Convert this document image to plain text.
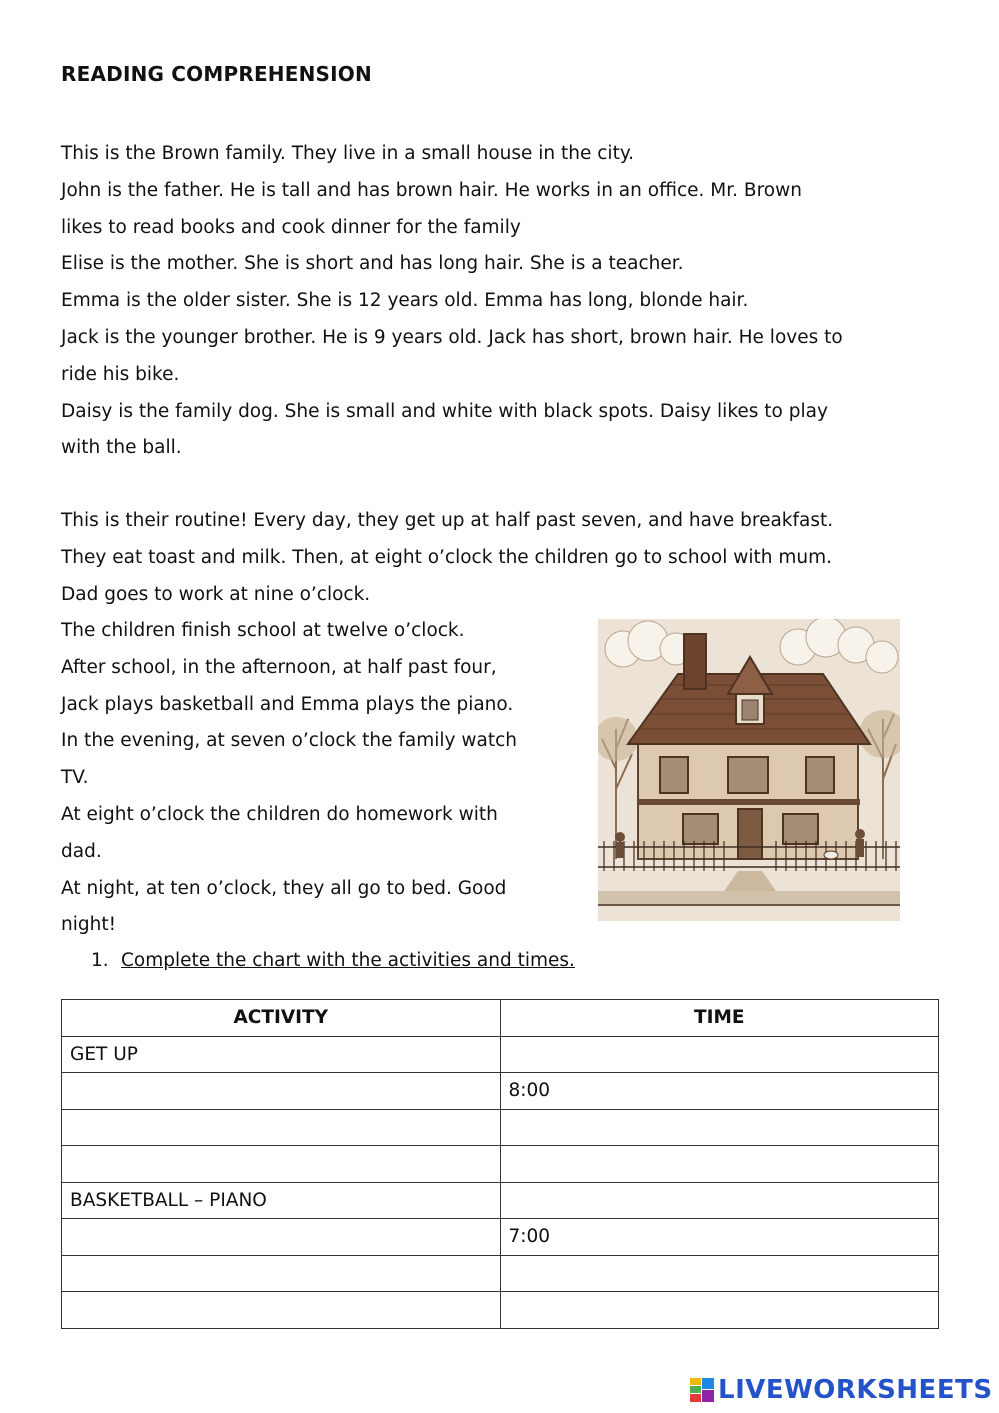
READING COMPREHENSION
This is the Brown family. They live in a small house in the city.
John is the father. He is tall and has brown hair. He works in an office. Mr. Brown
likes to read books and cook dinner for the family
Elise is the mother. She is short and has long hair. She is a teacher.
Emma is the older sister. She is 12 years old. Emma has long, blonde hair.
Jack is the younger brother. He is 9 years old. Jack has short, brown hair. He loves to
ride his bike.
Daisy is the family dog. She is small and white with black spots. Daisy likes to play
with the ball.
This is their routine! Every day, they get up at half past seven, and have breakfast.
They eat toast and milk. Then, at eight o’clock the children go to school with mum.
Dad goes to work at nine o’clock.
The children finish school at twelve o’clock.
After school, in the afternoon, at half past four,
Jack plays basketball and Emma plays the piano.
In the evening, at seven o’clock the family watch
TV.
At eight o’clock the children do homework with
dad.
At night, at ten o’clock, they all go to bed. Good
night!
1. Complete the chart with the activities and times.
ACTIVITY	TIME
GET UP	
	8:00

BASKETBALL – PIANO	
	7:00

LIVEWORKSHEETS
